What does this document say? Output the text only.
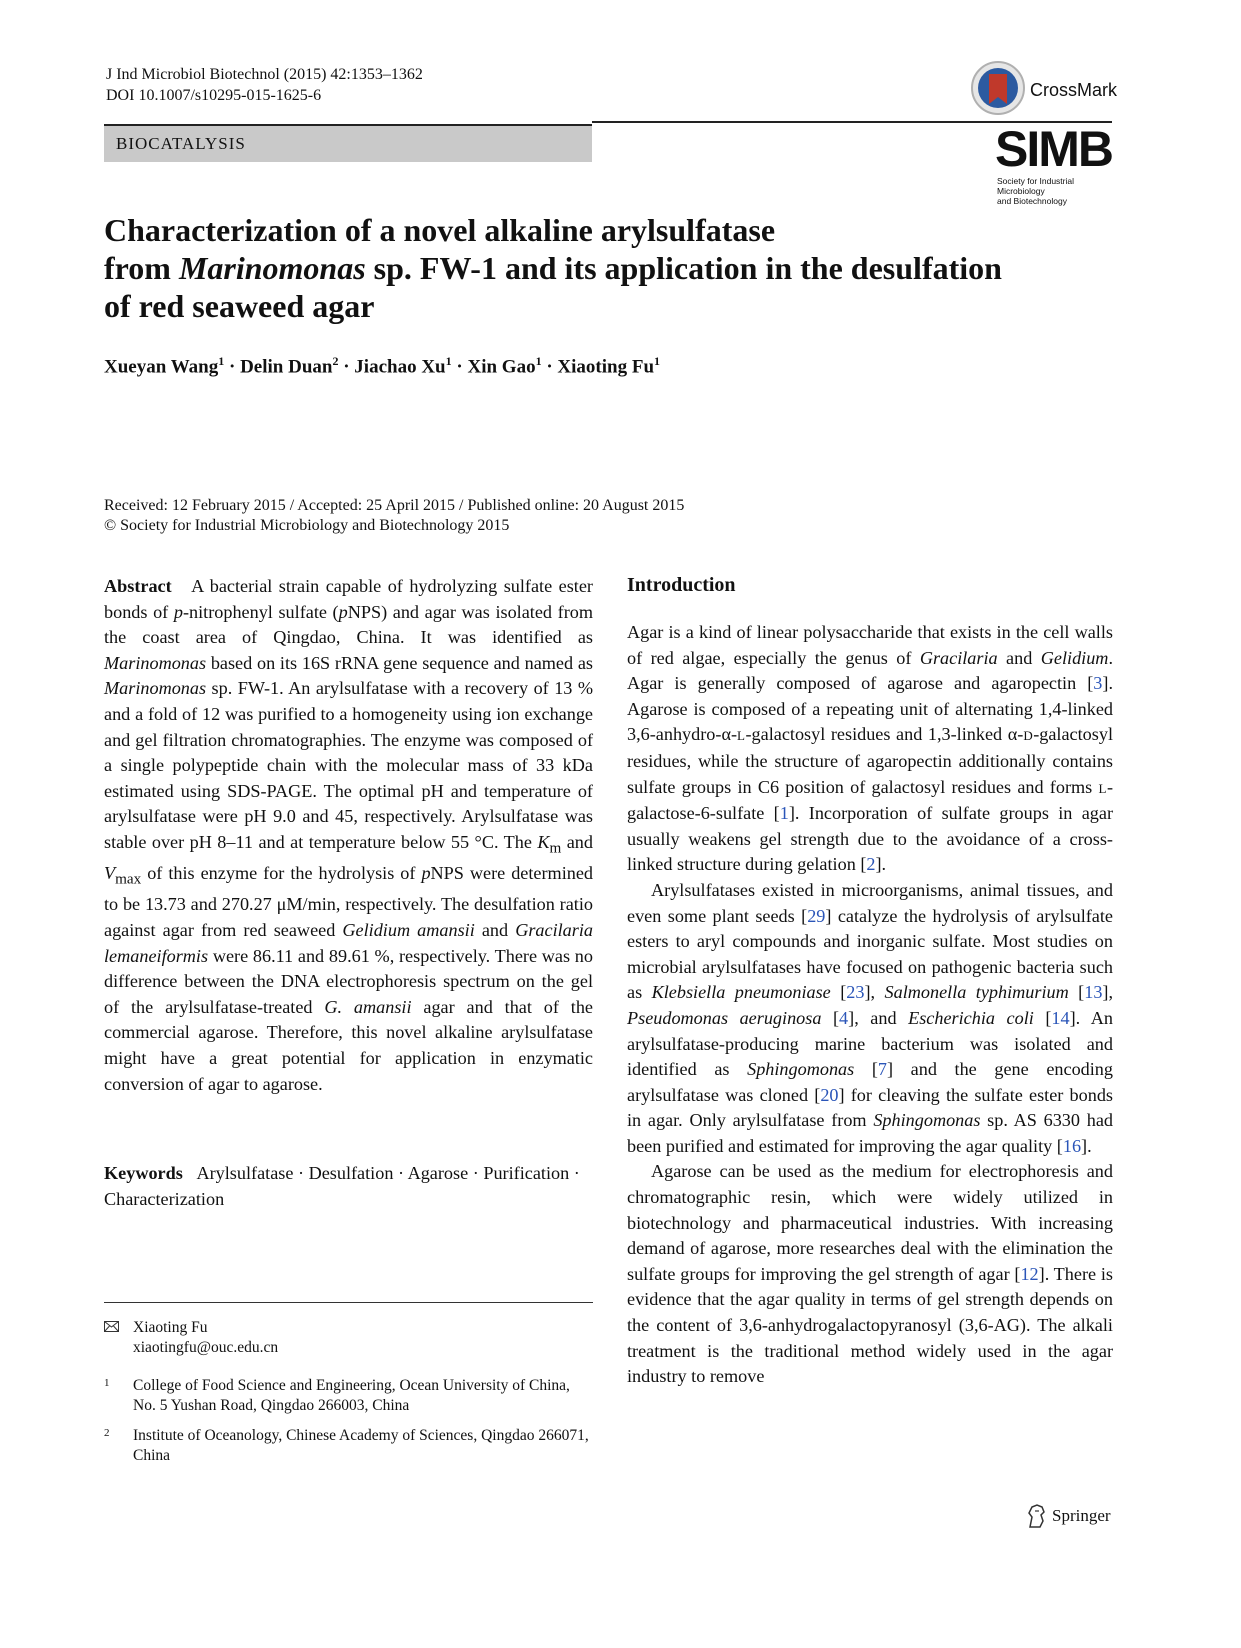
J Ind Microbiol Biotechnol (2015) 42:1353–1362
DOI 10.1007/s10295-015-1625-6
BIOCATALYSIS
CrossMark
SIMB
Society for Industrial Microbiology
and Biotechnology
Characterization of a novel alkaline arylsulfatase
from Marinomonas sp. FW-1 and its application in the desulfation
of red seaweed agar
Xueyan Wang$^1$ · Delin Duan$^2$ · Jiachao $Xu^1$ · Xin Gao$^1$ · Xiaoting Fu$^1$
Received: 12 February 2015 / Accepted: 25 April 2015 / Published online: 20 August 2015
© Society for Industrial Microbiology and Biotechnology 2015

Abstract A bacterial strain capable of hydrolyzing sulfate ester bonds of p-nitrophenyl sulfate (pNPS) and agar was isolated from the coast area of Qingdao, China. It was identified as Marinomonas based on its 16S rRNA gene sequence and named as Marinomonas sp. FW-1. An arylsulfatase with a recovery of 13 % and a fold of 12 was purified to a homogeneity using ion exchange and gel filtration chromatographies. The enzyme was composed of a single polypeptide chain with the molecular mass of 33 kDa estimated using SDS-PAGE. The optimal pH and temperature of arylsulfatase were pH 9.0 and 45, respectively. Arylsulfatase was stable over pH 8–11 and at temperature below 55 °C. The $K_m$ and $V_{max}$ of this enzyme for the hydrolysis of pNPS were determined to be 13.73 and 270.27 μM/min, respectively. The desulfation ratio against agar from red seaweed Gelidium amansii and Gracilaria lemaneiformis were 86.11 and 89.61 %, respectively. There was no difference between the DNA electrophoresis spectrum on the gel of the arylsulfatase-treated G. amansii agar and that of the commercial agarose. Therefore, this novel alkaline arylsulfatase might have a great potential for application in enzymatic conversion of agar to agarose.

Keywords Arylsulfatase · Desulfation · Agarose · Purification · Characterization
Xiaoting Fu
xiaotingfu@ouc.edu.cn
1 College of Food Science and Engineering, Ocean University of China, No. 5 Yushan Road, Qingdao 266003, China
2 Institute of Oceanology, Chinese Academy of Sciences, Qingdao 266071, China
Introduction

Agar is a kind of linear polysaccharide that exists in the cell walls of red algae, especially the genus of Gracilaria and Gelidium. Agar is generally composed of agarose and agaropectin [3]. Agarose is composed of a repeating unit of alternating 1,4-linked 3,6-anhydro-α-L-galactosyl residues and 1,3-linked α-D-galactosyl residues, while the structure of agaropectin additionally contains sulfate groups in C6 position of galactosyl residues and forms L-galactose-6-sulfate [1]. Incorporation of sulfate groups in agar usually weakens gel strength due to the avoidance of a cross-linked structure during gelation [2].

Arylsulfatases existed in microorganisms, animal tissues, and even some plant seeds [29] catalyze the hydrolysis of arylsulfate esters to aryl compounds and inorganic sulfate. Most studies on microbial arylsulfatases have focused on pathogenic bacteria such as Klebsiella pneumoniase [23], Salmonella typhimurium [13], Pseudomonas aeruginosa [4], and Escherichia coli [14]. An arylsulfatase-producing marine bacterium was isolated and identified as Sphingomonas [7] and the gene encoding arylsulfatase was cloned [20] for cleaving the sulfate ester bonds in agar. Only arylsulfatase from Sphingomonas sp. AS 6330 had been purified and estimated for improving the agar quality [16].

Agarose can be used as the medium for electrophoresis and chromatographic resin, which were widely utilized in biotechnology and pharmaceutical industries. With increasing demand of agarose, more researches deal with the elimination the sulfate groups for improving the gel strength of agar [12]. There is evidence that the agar quality in terms of gel strength depends on the content of 3,6-anhydrogalactopyranosyl (3,6-AG). The alkali treatment is the traditional method widely used in the agar industry to remove

Springer
